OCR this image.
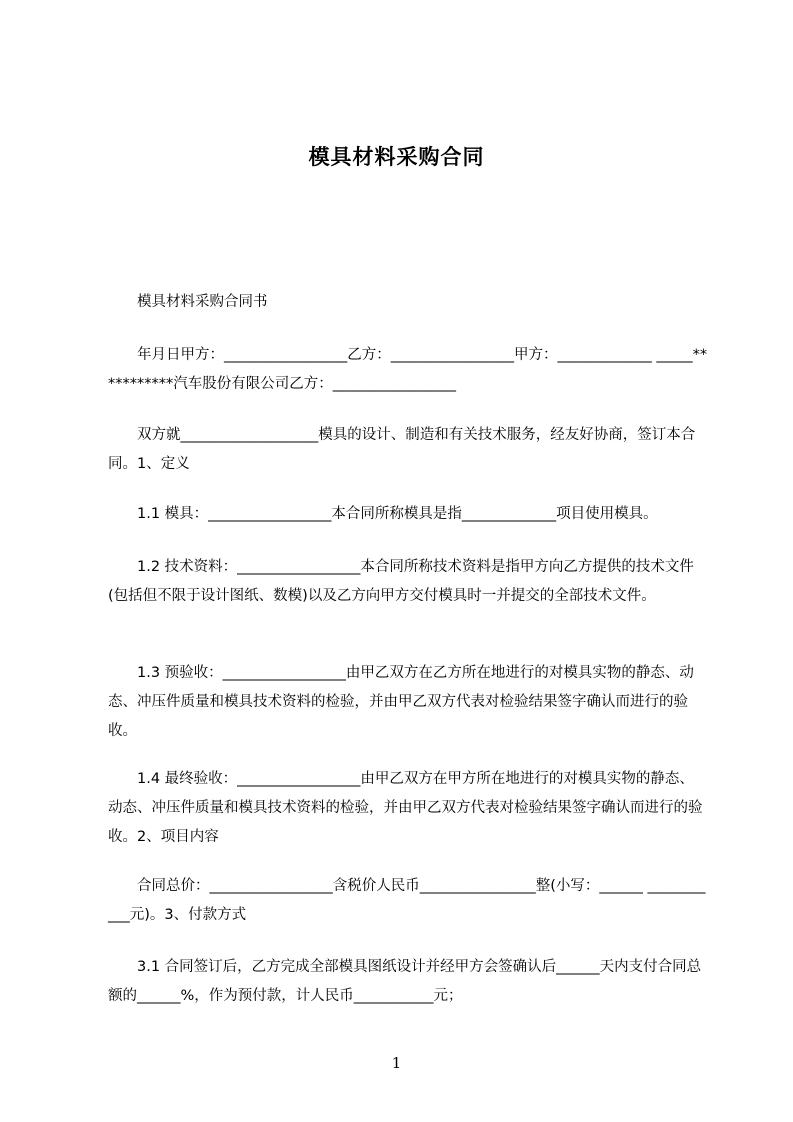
模具材料采购合同
模具材料采购合同书
年月日甲方：_________________乙方：_________________甲方：_____________ _____***********汽车股份有限公司乙方：_________________
双方就___________________模具的设计、制造和有关技术服务，经友好协商，签订本合同。1、定义
1.1 模具：_________________本合同所称模具是指_____________项目使用模具。
1.2 技术资料：_________________本合同所称技术资料是指甲方向乙方提供的技术文件(包括但不限于设计图纸、数模)以及乙方向甲方交付模具时一并提交的全部技术文件。
1.3 预验收：_________________由甲乙双方在乙方所在地进行的对模具实物的静态、动态、冲压件质量和模具技术资料的检验，并由甲乙双方代表对检验结果签字确认而进行的验收。
1.4 最终验收：_________________由甲乙双方在甲方所在地进行的对模具实物的静态、动态、冲压件质量和模具技术资料的检验，并由甲乙双方代表对检验结果签字确认而进行的验收。2、项目内容
合同总价：_________________含税价人民币________________整(小写：______ ___________元)。3、付款方式
3.1 合同签订后，乙方完成全部模具图纸设计并经甲方会签确认后______天内支付合同总额的______%，作为预付款，计人民币___________元；
1
